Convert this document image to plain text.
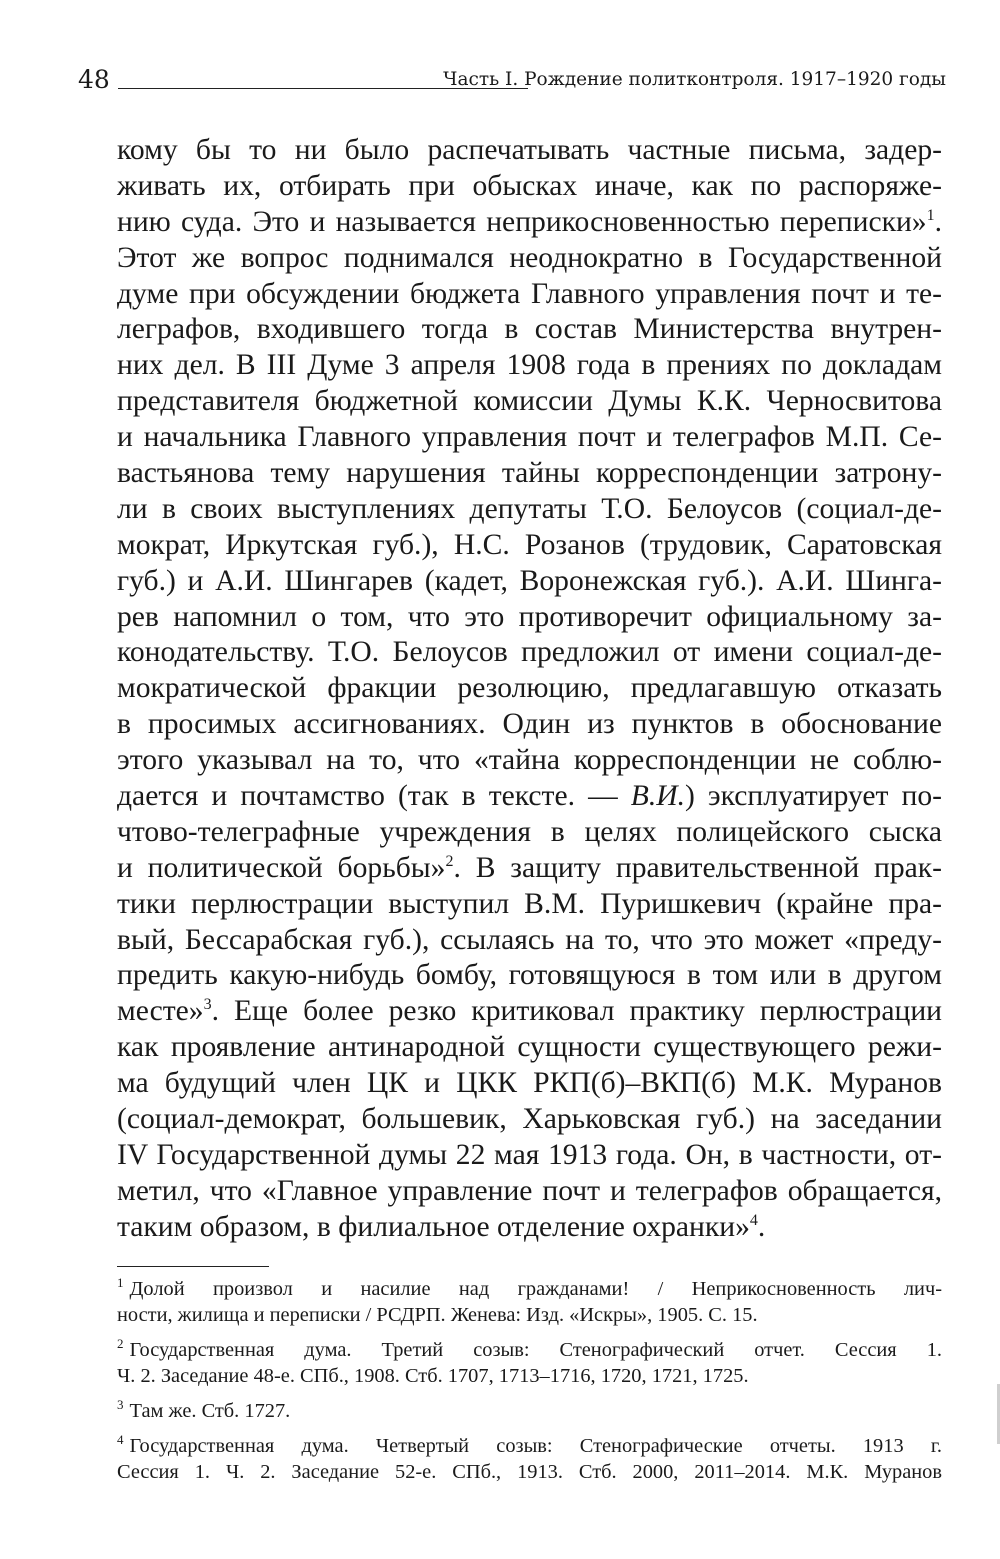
48	Часть I. Рождение политконтроля. 1917–1920 годы
кому бы то ни было распечатывать частные письма, задер-
живать их, отбирать при обысках иначе, как по распоряже-
нию суда. Это и называется неприкосновенностью переписки»$^1$.
Этот же вопрос поднимался неоднократно в Государственной
думе при обсуждении бюджета Главного управления почт и те-
леграфов, входившего тогда в состав Министерства внутрен-
них дел. В III Думе 3 апреля 1908 года в прениях по докладам
представителя бюджетной комиссии Думы К.К. Черносвитова
и начальника Главного управления почт и телеграфов М.П. Се-
вастьянова тему нарушения тайны корреспонденции затрону-
ли в своих выступлениях депутаты Т.О. Белоусов (социал-де-
мократ, Иркутская губ.), Н.С. Розанов (трудовик, Саратовская
губ.) и А.И. Шингарев (кадет, Воронежская губ.). А.И. Шинга-
рев напомнил о том, что это противоречит официальному за-
конодательству. Т.О. Белоусов предложил от имени социал-де-
мократической фракции резолюцию, предлагавшую отказать
в просимых ассигнованиях. Один из пунктов в обоснование
этого указывал на то, что «тайна корреспонденции не соблю-
дается и почтамство (так в тексте. — В.И.) эксплуатирует по-
чтово-телеграфные учреждения в целях полицейского сыска
и политической борьбы»$^2$. В защиту правительственной прак-
тики перлюстрации выступил В.М. Пуришкевич (крайне пра-
вый, Бессарабская губ.), ссылаясь на то, что это может «преду-
предить какую-нибудь бомбу, готовящуюся в том или в другом
месте»$^3$. Еще более резко критиковал практику перлюстрации
как проявление антинародной сущности существующего режи-
ма будущий член ЦК и ЦКК РКП(б)–ВКП(б) М.К. Муранов
(социал-демократ, большевик, Харьковская губ.) на заседании
IV Государственной думы 22 мая 1913 года. Он, в частности, от-
метил, что «Главное управление почт и телеграфов обращается,
таким образом, в филиальное отделение охранки»$^4$.
$^1$ Долой произвол и насилие над гражданами! / Неприкосновенность лич-
ности, жилища и переписки / РСДРП. Женева: Изд. «Искры», 1905. С. 15.
$^2$ Государственная дума. Третий созыв: Стенографический отчет. Сессия 1.
Ч. 2. Заседание 48-е. СПб., 1908. Стб. 1707, 1713–1716, 1720, 1721, 1725.
$^3$ Там же. Стб. 1727.
$^4$ Государственная дума. Четвертый созыв: Стенографические отчеты. 1913 г.
Сессия 1. Ч. 2. Заседание 52-е. СПб., 1913. Стб. 2000, 2011–2014. М.К. Муранов
